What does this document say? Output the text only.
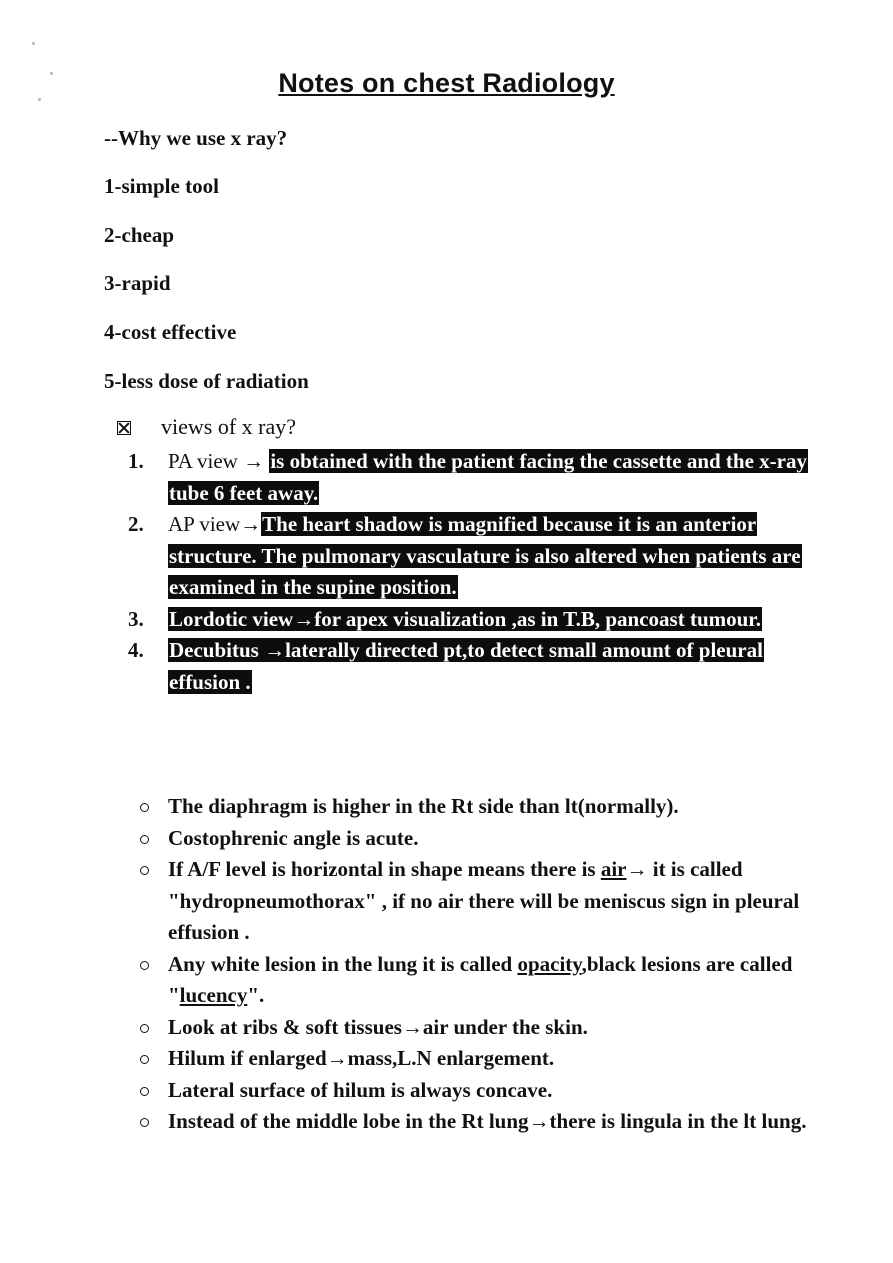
Notes on chest Radiology
--Why we use x ray?
1-simple tool
2-cheap
3-rapid
4-cost effective
5-less dose of radiation
views of x ray?
1.	PA view → is obtained with the patient facing the cassette and the x-ray tube 6 feet away.
2.	AP view→The heart shadow is magnified because it is an anterior structure. The pulmonary vasculature is also altered when patients are examined in the supine position.
3.	Lordotic view→for apex visualization ,as in T.B, pancoast tumour.
4.	Decubitus →laterally directed pt,to detect small amount of pleural effusion .
The diaphragm is higher in the Rt side than lt(normally).
Costophrenic angle is acute.
If A/F level is horizontal in shape means there is air→ it is called "hydropneumothorax" , if no air there will be meniscus sign in pleural effusion .
Any white lesion in the lung it is called opacity,black lesions are called "lucency".
Look at ribs & soft tissues→air under the skin.
Hilum if enlarged→mass,L.N enlargement.
Lateral surface of hilum is always concave.
Instead of the middle lobe in the Rt lung→there is lingula in the lt lung.
